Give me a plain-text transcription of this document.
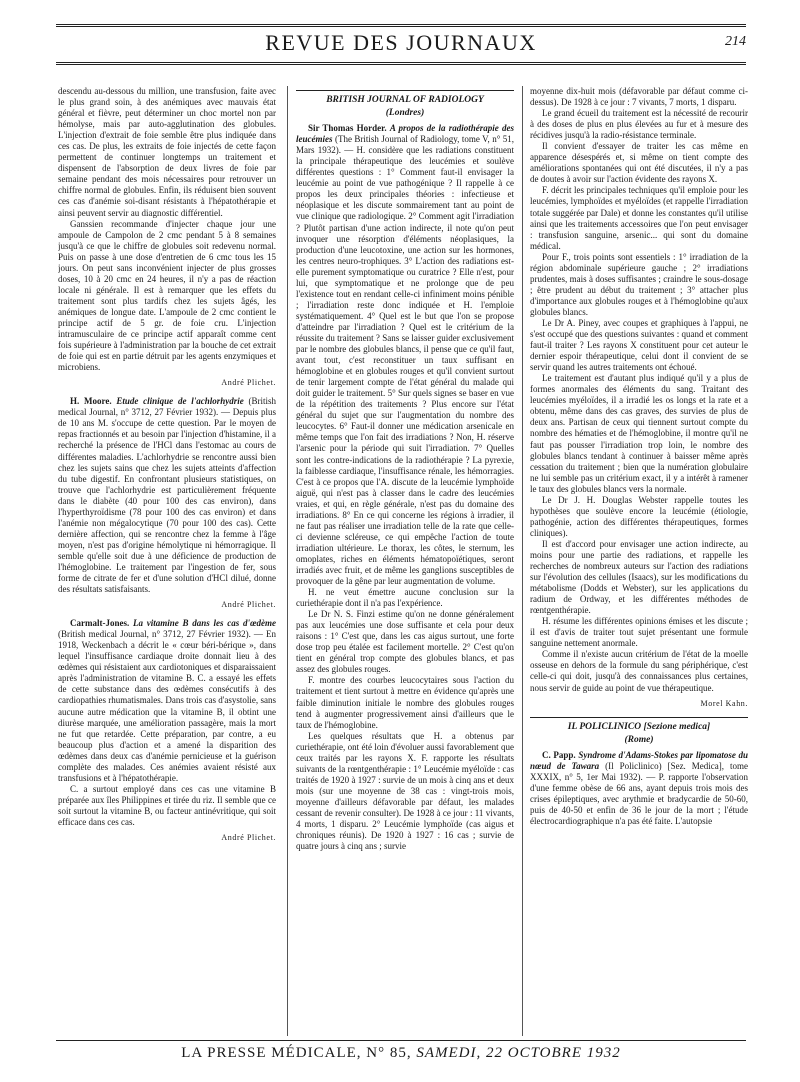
REVUE DES JOURNAUX	214

descendu au-dessous du million, une transfusion, faite avec le plus grand soin, à des anémiques avec mauvais état général et fièvre, peut déterminer un choc mortel non par hémolyse, mais par auto-agglutination des globules. L'injection d'extrait de foie semble être plus indiquée dans ces cas. De plus, les extraits de foie injectés de cette façon permettent de continuer longtemps un traitement et dispensent de l'absorption de deux livres de foie par semaine pendant des mois nécessaires pour retrouver un chiffre normal de globules. Enfin, ils réduisent bien souvent ces cas d'anémie soi-disant résistants à l'hépatothérapie et ainsi peuvent servir au diagnostic différentiel.

Ganssien recommande d'injecter chaque jour une ampoule de Campolon de 2 cmc pendant 5 à 8 semaines jusqu'à ce que le chiffre de globules soit redevenu normal. Puis on passe à une dose d'entretien de 6 cmc tous les 15 jours. On peut sans inconvénient injecter de plus grosses doses, 10 à 20 cmc en 24 heures, il n'y a pas de réaction locale ni générale. Il est à remarquer que les effets du traitement sont plus tardifs chez les sujets âgés, les anémiques de longue date. L'ampoule de 2 cmc contient le principe actif de 5 gr. de foie cru. L'injection intramusculaire de ce principe actif apparaît comme cent fois supérieure à l'administration par la bouche de cet extrait de foie qui est en partie détruit par les agents enzymiques et microbiens.

André Plichet.

H. Moore. Etude clinique de l'achlorhydrie (British medical Journal, n° 3712, 27 Février 1932). — Depuis plus de 10 ans M. s'occupe de cette question. Par le moyen de repas fractionnés et au besoin par l'injection d'histamine, il a recherché la présence de l'HCl dans l'estomac au cours de différentes maladies. L'achlorhydrie se rencontre aussi bien chez les sujets sains que chez les sujets atteints d'affection du tube digestif. En confrontant plusieurs statistiques, on trouve que l'achlorhydrie est particulièrement fréquente dans le diabète (40 pour 100 des cas environ), dans l'hyperthyroïdisme (78 pour 100 des cas environ) et dans l'anémie non mégalocytique (70 pour 100 des cas). Cette dernière affection, qui se rencontre chez la femme à l'âge moyen, n'est pas d'origine hémolytique ni hémorragique. Il semble qu'elle soit due à une déficience de production de l'hémoglobine. Le traitement par l'ingestion de fer, sous forme de citrate de fer et d'une solution d'HCl dilué, donne des résultats satisfaisants.

André Plichet.

Carmalt-Jones. La vitamine B dans les cas d'œdème (British medical Journal, n° 3712, 27 Février 1932). — En 1918, Weckenbach a décrit le « cœur béri-bérique », dans lequel l'insuffisance cardiaque droite donnait lieu à des œdèmes qui résistaient aux cardiotoniques et disparaissaient après l'administration de vitamine B. C. a essayé les effets de cette substance dans des œdèmes consécutifs à des cardiopathies rhumatismales. Dans trois cas d'asystolie, sans aucune autre médication que la vitamine B, il obtint une diurèse marquée, une amélioration passagère, mais la mort ne fut que retardée. Cette préparation, par contre, a eu beaucoup plus d'action et a amené la disparition des œdèmes dans deux cas d'anémie pernicieuse et la guérison complète des malades. Ces anémies avaient résisté aux transfusions et à l'hépatothérapie.

C. a surtout employé dans ces cas une vitamine B préparée aux îles Philippines et tirée du riz. Il semble que ce soit surtout la vitamine B, ou facteur antinévritique, qui soit efficace dans ces cas.

André Plichet.
BRITISH JOURNAL OF RADIOLOGY
(Londres)

Sir Thomas Horder. A propos de la radiothérapie des leucémies (The British Journal of Radiology, tome V, n° 51, Mars 1932). — H. considère que les radiations constituent la principale thérapeutique des leucémies et soulève différentes questions : 1° Comment faut-il envisager la leucémie au point de vue pathogénique ? Il rappelle à ce propos les deux principales théories : infectieuse et néoplasique et les discute sommairement tant au point de vue clinique que radiologique. 2° Comment agit l'irradiation ? Plutôt partisan d'une action indirecte, il note qu'on peut invoquer une résorption d'éléments néoplasiques, la production d'une leucotoxine, une action sur les hormones, les centres neuro-trophiques. 3° L'action des radiations est-elle purement symptomatique ou curatrice ? Elle n'est, pour lui, que symptomatique et ne prolonge que de peu l'existence tout en rendant celle-ci infiniment moins pénible ; l'irradiation reste donc indiquée et H. l'emploie systématiquement. 4° Quel est le but que l'on se propose d'atteindre par l'irradiation ? Quel est le critérium de la réussite du traitement ? Sans se laisser guider exclusivement par le nombre des globules blancs, il pense que ce qu'il faut, avant tout, c'est reconstituer un taux suffisant en hémoglobine et en globules rouges et qu'il convient surtout de tenir largement compte de l'état général du malade qui doit guider le traitement. 5° Sur quels signes se baser en vue de la répétition des traitements ? Plus encore sur l'état général du sujet que sur l'augmentation du nombre des leucocytes. 6° Faut-il donner une médication arsenicale en même temps que l'on fait des irradiations ? Non, H. réserve l'arsenic pour la période qui suit l'irradiation. 7° Quelles sont les contre-indications de la radiothérapie ? La pyrexie, la faiblesse cardiaque, l'insuffisance rénale, les hémorragies. C'est à ce propos que l'A. discute de la leucémie lymphoïde aiguë, qui n'est pas à classer dans le cadre des leucémies vraies, et qui, en règle générale, n'est pas du domaine des irradiations. 8° En ce qui concerne les régions à irradier, il ne faut pas réaliser une irradiation telle de la rate que celle-ci devienne scléreuse, ce qui empêche l'action de toute irradiation ultérieure. Le thorax, les côtes, le sternum, les omoplates, riches en éléments hématopoïétiques, seront irradiés avec fruit, et de même les ganglions susceptibles de provoquer de la gêne par leur augmentation de volume.

H. ne veut émettre aucune conclusion sur la curiethérapie dont il n'a pas l'expérience.

Le Dr N. S. Finzi estime qu'on ne donne généralement pas aux leucémies une dose suffisante et cela pour deux raisons : 1° C'est que, dans les cas aigus surtout, une forte dose trop peu étalée est facilement mortelle. 2° C'est qu'on tient en général trop compte des globules blancs, et pas assez des globules rouges.

F. montre des courbes leucocytaires sous l'action du traitement et tient surtout à mettre en évidence qu'après une faible diminution initiale le nombre des globules rouges tend à augmenter progressivement ainsi d'ailleurs que le taux de l'hémoglobine.

Les quelques résultats que H. a obtenus par curiethérapie, ont été loin d'évoluer aussi favorablement que ceux traités par les rayons X. F. rapporte les résultats suivants de la rœntgenthérapie : 1° Leucémie myéloïde : cas traités de 1920 à 1927 : survie de un mois à cinq ans et deux mois (sur une moyenne de 38 cas : vingt-trois mois, moyenne d'ailleurs défavorable par défaut, les malades cessant de revenir consulter). De 1928 à ce jour : 11 vivants, 4 morts, 1 disparu. 2° Leucémie lymphoïde (cas aigus et chroniques réunis). De 1920 à 1927 : 16 cas ; survie de quatre jours à cinq ans ; survie

moyenne dix-huit mois (défavorable par défaut comme ci-dessus). De 1928 à ce jour : 7 vivants, 7 morts, 1 disparu.

Le grand écueil du traitement est la nécessité de recourir à des doses de plus en plus élevées au fur et à mesure des récidives jusqu'à la radio-résistance terminale.

Il convient d'essayer de traiter les cas même en apparence désespérés et, si même on tient compte des améliorations spontanées qui ont été discutées, il n'y a pas de doutes à avoir sur l'action évidente des rayons X.

F. décrit les principales techniques qu'il emploie pour les leucémies, lymphoïdes et myéloïdes (et rappelle l'irradiation totale suggérée par Dale) et donne les constantes qu'il utilise ainsi que les traitements accessoires que l'on peut envisager : transfusion sanguine, arsenic... qui sont du domaine médical.

Pour F., trois points sont essentiels : 1° irradiation de la région abdominale supérieure gauche ; 2° irradiations prudentes, mais à doses suffisantes ; craindre le sous-dosage ; être prudent au début du traitement ; 3° attacher plus d'importance aux globules rouges et à l'hémoglobine qu'aux globules blancs.

Le Dr A. Piney, avec coupes et graphiques à l'appui, ne s'est occupé que des questions suivantes : quand et comment faut-il traiter ? Les rayons X constituent pour cet auteur le dernier espoir thérapeutique, celui dont il convient de se servir quand les autres traitements ont échoué.

Le traitement est d'autant plus indiqué qu'il y a plus de formes anormales des éléments du sang. Traitant des leucémies myéloïdes, il a irradié les os longs et la rate et a obtenu, même dans des cas graves, des survies de plus de deux ans. Partisan de ceux qui tiennent surtout compte du nombre des hématies et de l'hémoglobine, il montre qu'il ne faut pas pousser l'irradiation trop loin, le nombre des globules blancs tendant à continuer à baisser même après cessation du traitement ; bien que la numération globulaire ne lui semble pas un critérium exact, il y a intérêt à ramener le taux des globules blancs vers la normale.

Le Dr J. H. Douglas Webster rappelle toutes les hypothèses que soulève encore la leucémie (étiologie, pathogénie, action des différentes thérapeutiques, formes cliniques).

Il est d'accord pour envisager une action indirecte, au moins pour une partie des radiations, et rappelle les recherches de nombreux auteurs sur l'action des radiations sur l'évolution des cellules (Isaacs), sur les modifications du métabolisme (Dodds et Webster), sur les applications du radium de Ordway, et les différentes méthodes de rœntgenthérapie.

H. résume les différentes opinions émises et les discute ; il est d'avis de traiter tout sujet présentant une formule sanguine nettement anormale.

Comme il n'existe aucun critérium de l'état de la moelle osseuse en dehors de la formule du sang périphérique, c'est celle-ci qui doit, jusqu'à des connaissances plus certaines, nous servir de guide au point de vue thérapeutique.

Morel Kahn.
IL POLICLINICO [Sezione medica]
(Rome)

C. Papp. Syndrome d'Adams-Stokes par lipomatose du nœud de Tawara (Il Policlinico) [Sez. Medica], tome XXXIX, n° 5, 1er Mai 1932). — P. rapporte l'observation d'une femme obèse de 66 ans, ayant depuis trois mois des crises épileptiques, avec arythmie et bradycardie de 50-60, puis de 40-50 et enfin de 36 le jour de la mort ; l'étude électrocardiographique n'a pas été faite. L'autopsie

LA PRESSE MÉDICALE, N° 85, SAMEDI, 22 OCTOBRE 1932
